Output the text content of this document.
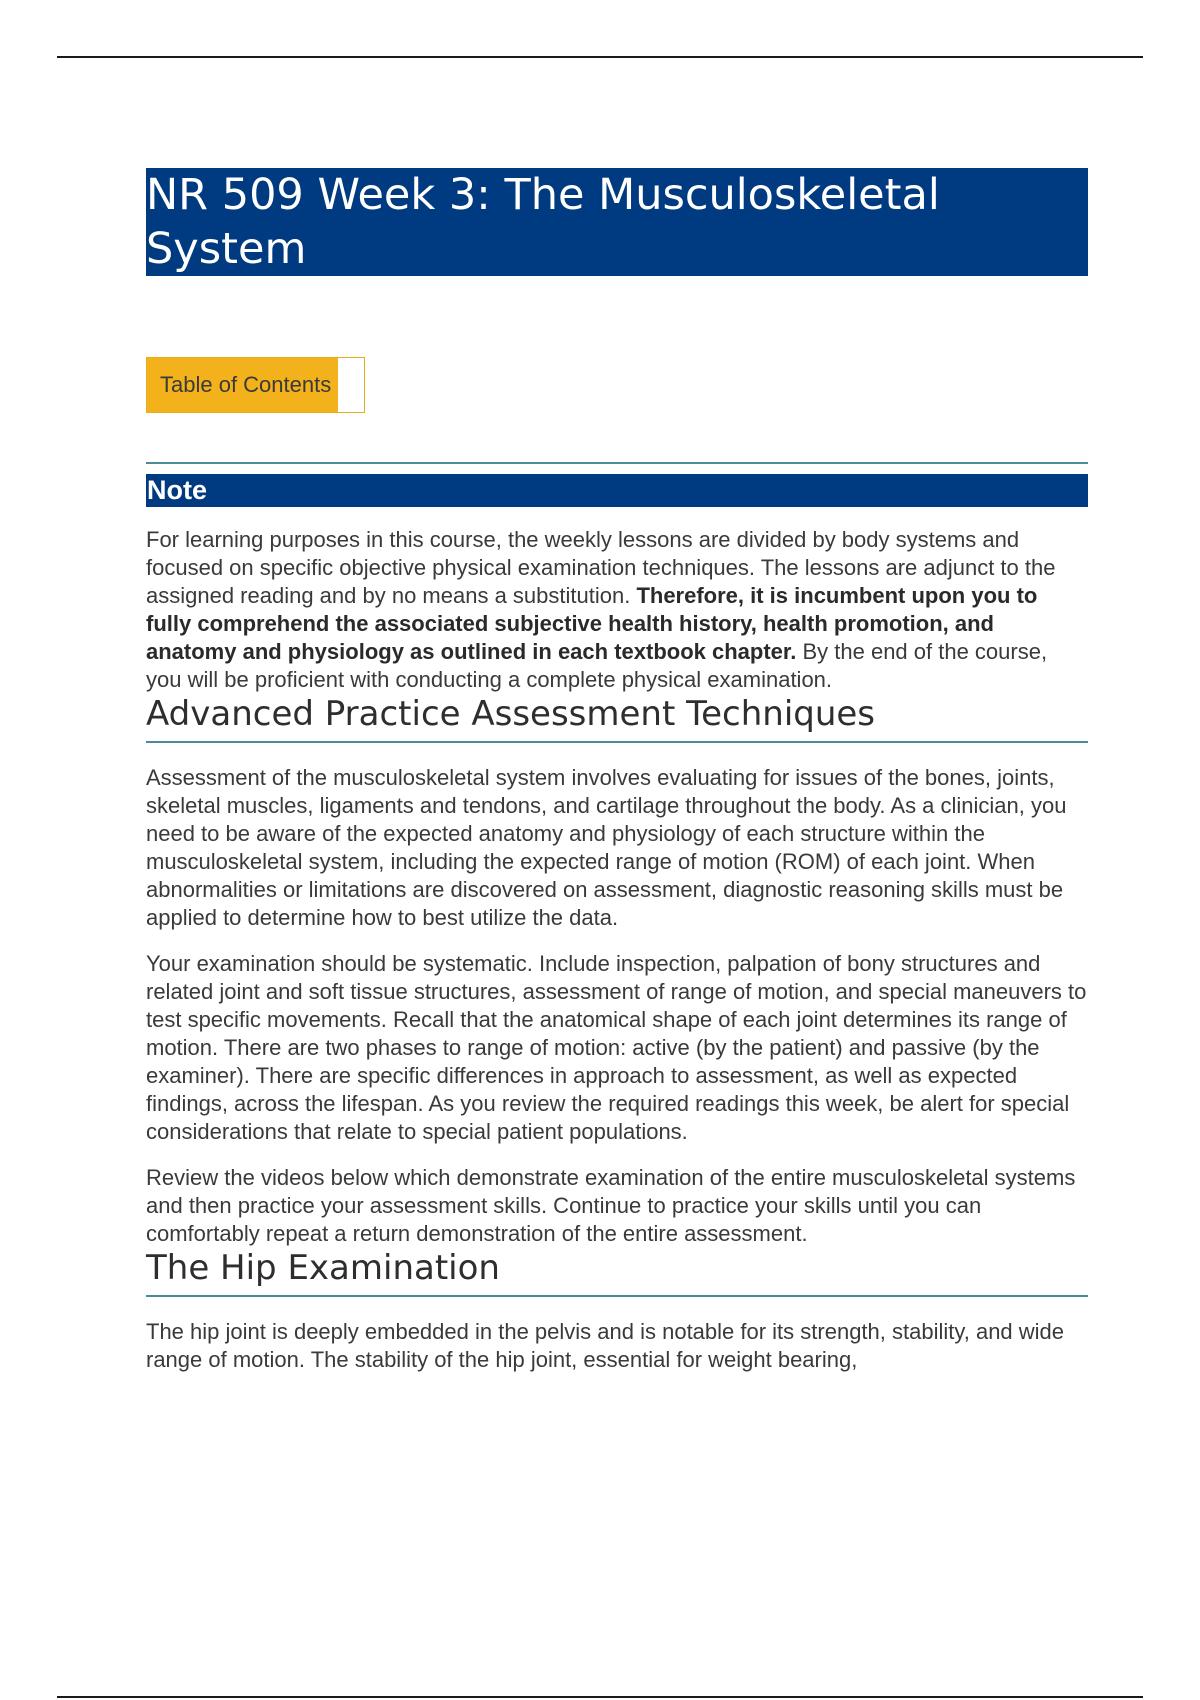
NR 509 Week 3: The Musculoskeletal System
Table of Contents
Note

For learning purposes in this course, the weekly lessons are divided by body systems and focused on specific objective physical examination techniques. The lessons are adjunct to the assigned reading and by no means a substitution. Therefore, it is incumbent upon you to fully comprehend the associated subjective health history, health promotion, and anatomy and physiology as outlined in each textbook chapter. By the end of the course, you will be proficient with conducting a complete physical examination.

Advanced Practice Assessment Techniques

Assessment of the musculoskeletal system involves evaluating for issues of the bones, joints, skeletal muscles, ligaments and tendons, and cartilage throughout the body. As a clinician, you need to be aware of the expected anatomy and physiology of each structure within the musculoskeletal system, including the expected range of motion (ROM) of each joint. When abnormalities or limitations are discovered on assessment, diagnostic reasoning skills must be applied to determine how to best utilize the data.

Your examination should be systematic. Include inspection, palpation of bony structures and related joint and soft tissue structures, assessment of range of motion, and special maneuvers to test specific movements. Recall that the anatomical shape of each joint determines its range of motion. There are two phases to range of motion: active (by the patient) and passive (by the examiner). There are specific differences in approach to assessment, as well as expected findings, across the lifespan. As you review the required readings this week, be alert for special considerations that relate to special patient populations.

Review the videos below which demonstrate examination of the entire musculoskeletal systems and then practice your assessment skills. Continue to practice your skills until you can comfortably repeat a return demonstration of the entire assessment.

The Hip Examination

The hip joint is deeply embedded in the pelvis and is notable for its strength, stability, and wide range of motion. The stability of the hip joint, essential for weight bearing,
